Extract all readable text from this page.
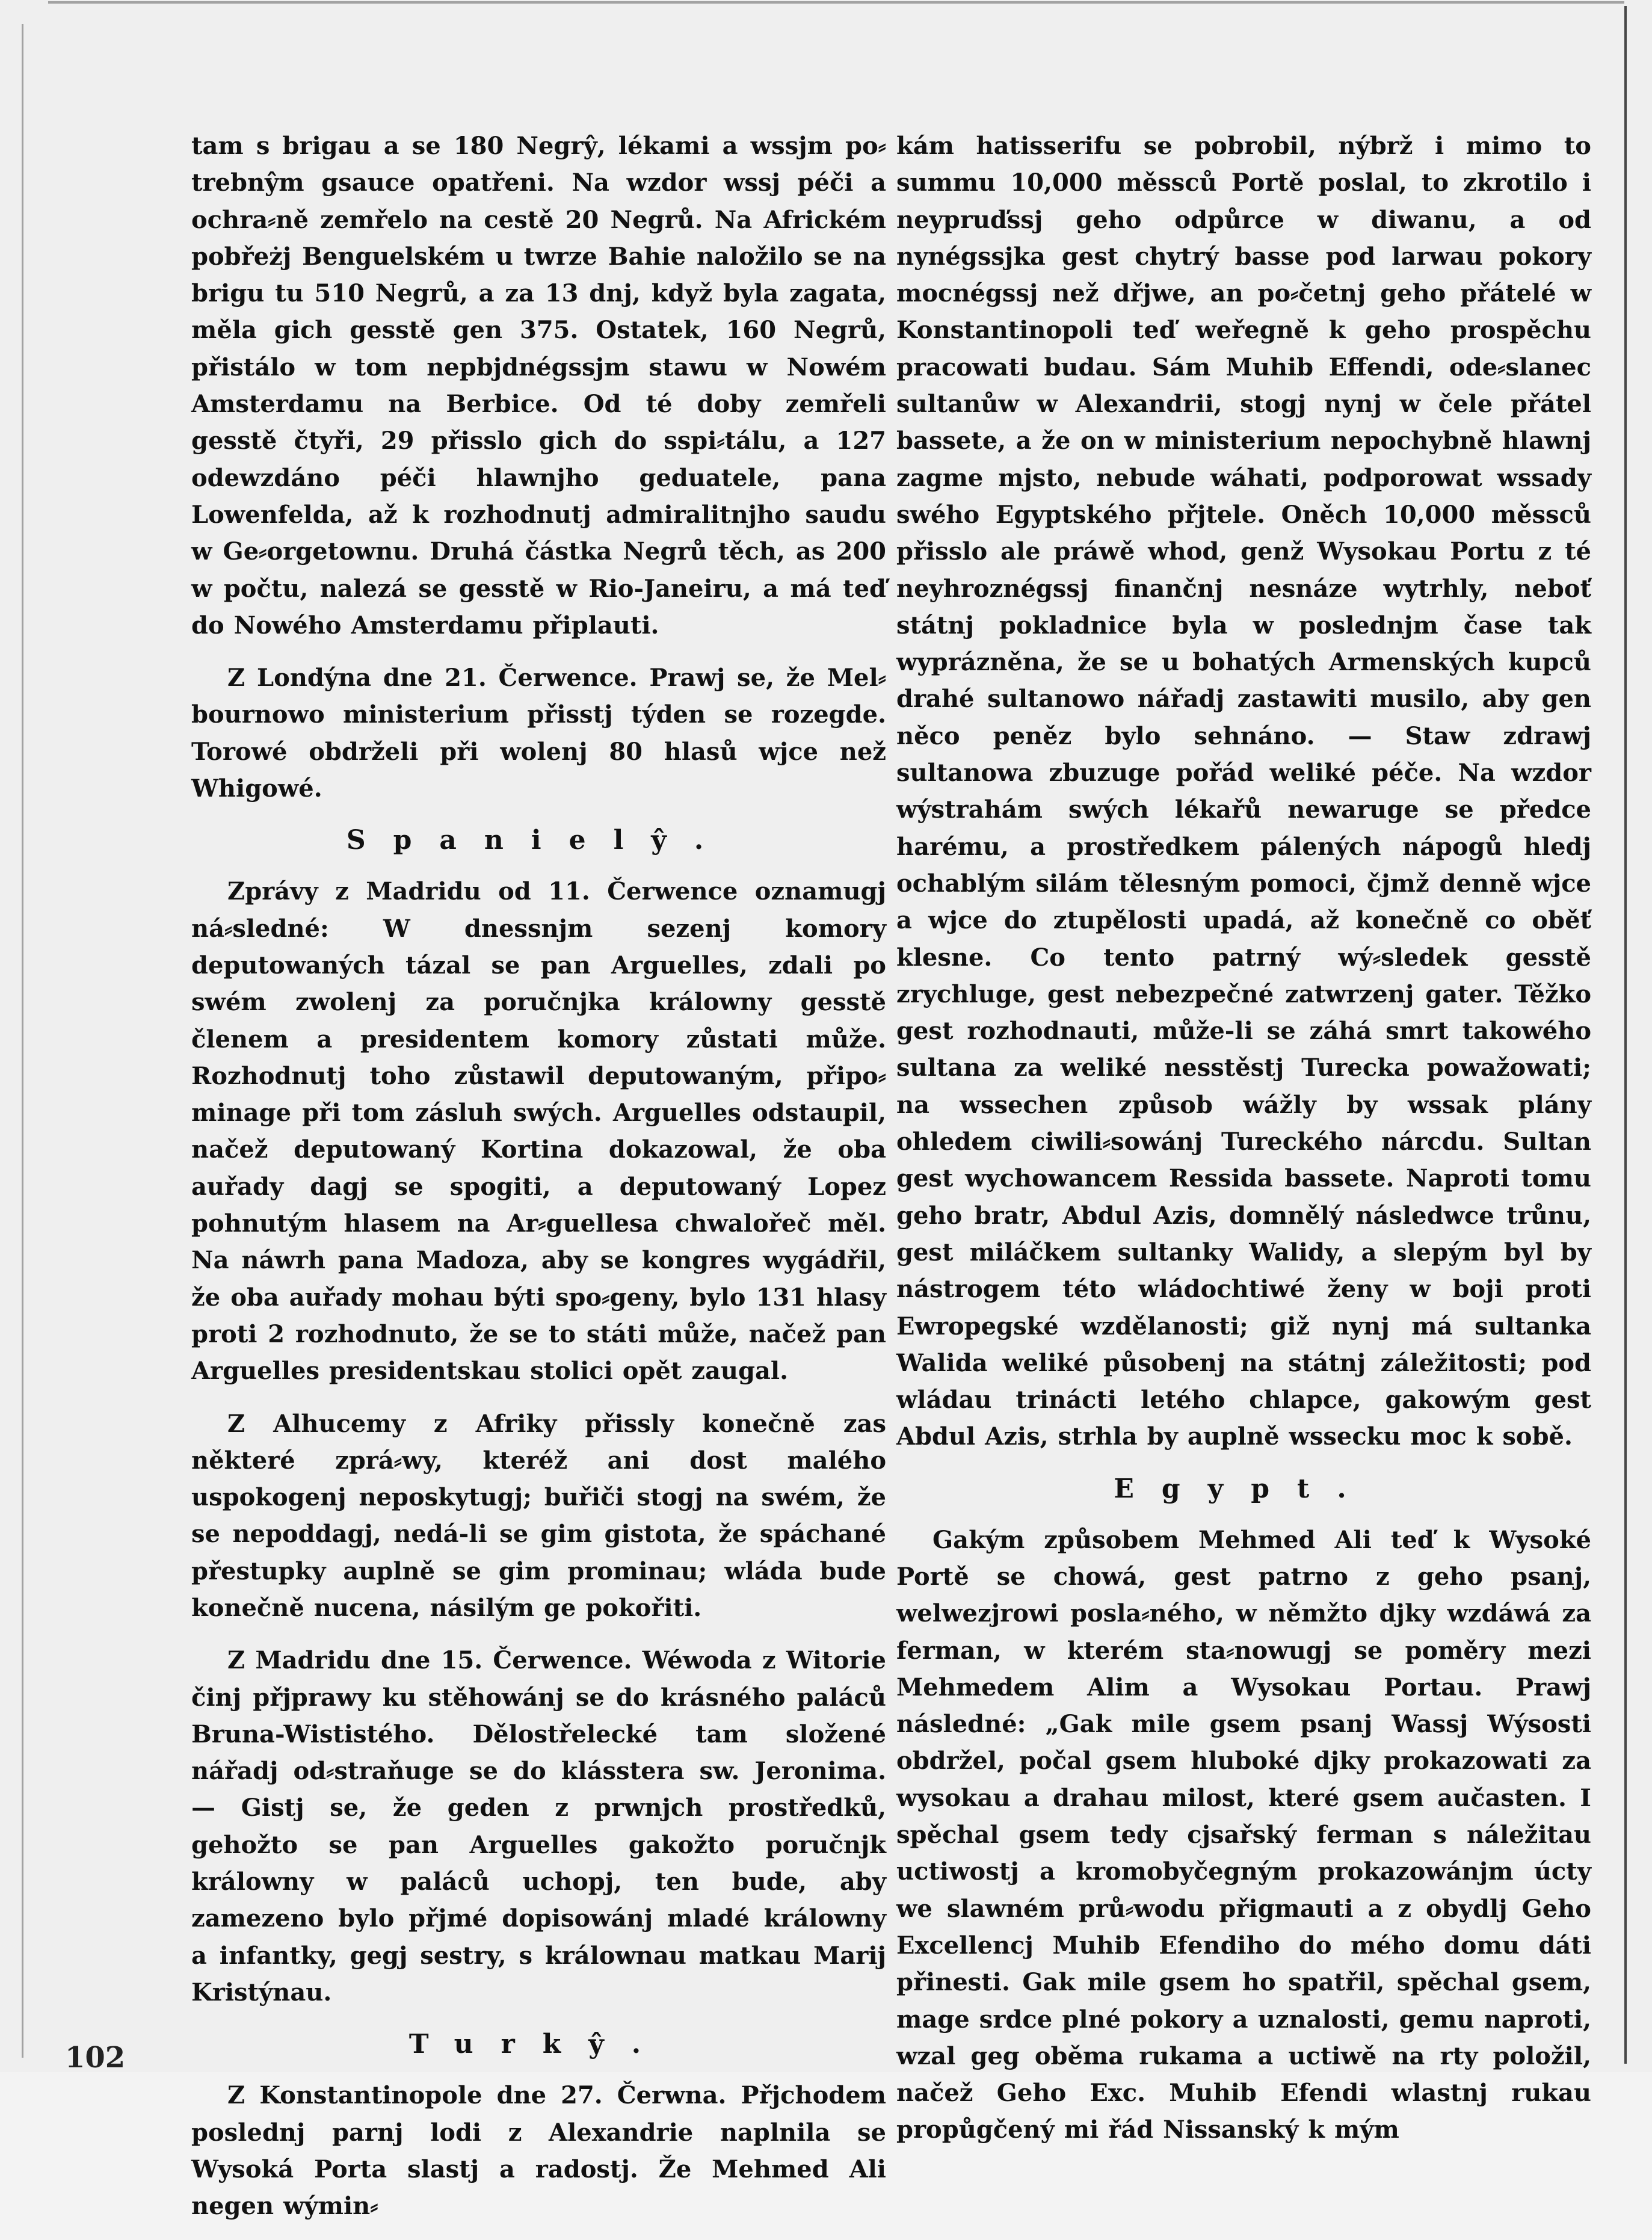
tam s brigau a se 180 Negrŷ, lékami a wssjm po⸗trebnŷm gsauce opatřeni. Na wzdor wssj péči a ochra⸗ně zemřelo na cestě 20 Negrů. Na Africkém pobřeżj Benguelském u twrze Bahie naložilo se na brigu tu 510 Negrů, a za 13 dnj, když byla zagata, měla gich gesstě gen 375. Ostatek, 160 Negrů, přistálo w tom nepbjdnégssjm stawu w Nowém Amsterdamu na Berbice. Od té doby zemřeli gesstě čtyři, 29 přisslo gich do sspi⸗tálu, a 127 odewzdáno péči hlawnjho geduatele, pana Lowenfelda, až k rozhodnutj admiralitnjho saudu w Ge⸗orgetownu. Druhá částka Negrů těch, as 200 w počtu, nalezá se gesstě w Rio-Janeiru, a má teď do Nowého Amsterdamu připlauti.

Z Londýna dne 21. Čerwence. Prawj se, že Mel⸗bournowo ministerium přisstj týden se rozegde. Torowé obdrželi při wolenj 80 hlasů wjce než Whigowé.

Spanielŷ.

Zprávy z Madridu od 11. Čerwence oznamugj ná⸗sledné: W dnessnjm sezenj komory deputowaných tázal se pan Arguelles, zdali po swém zwolenj za poručnjka králowny gesstě členem a presidentem komory zůstati může. Rozhodnutj toho zůstawil deputowaným, připo⸗minage při tom zásluh swých. Arguelles odstaupil, načež deputowaný Kortina dokazowal, že oba auřady dagj se spogiti, a deputowaný Lopez pohnutým hlasem na Ar⸗guellesa chwalořeč měl. Na náwrh pana Madoza, aby se kongres wygádřil, že oba auřady mohau býti spo⸗geny, bylo 131 hlasy proti 2 rozhodnuto, že se to státi může, načež pan Arguelles presidentskau stolici opět zaugal.

Z Alhucemy z Afriky přissly konečně zas některé zprá⸗wy, kteréž ani dost malého uspokogenj neposkytugj; buřiči stogj na swém, že se nepoddagj, nedá-li se gim gistota, že spáchané přestupky auplně se gim prominau; wláda bude konečně nucena, násilým ge pokořiti.

Z Madridu dne 15. Čerwence. Wéwoda z Witorie činj přjprawy ku stěhowánj se do krásného paláců Bruna-Wististého. Dělostřelecké tam složené nářadj od⸗straňuge se do klásstera sw. Jeronima. — Gistj se, že geden z prwnjch prostředků, gehožto se pan Arguelles gakožto poručnjk králowny w paláců uchopj, ten bude, aby zamezeno bylo přjmé dopisowánj mladé králowny a infantky, gegj sestry, s králownau matkau Marij Kristýnau.

Turkŷ.

Z Konstantinopole dne 27. Čerwna. Přjchodem poslednj parnj lodi z Alexandrie naplnila se Wysoká Porta slastj a radostj. Že Mehmed Ali negen wýmin⸗

kám hatisserifu se pobrobil, nýbrž i mimo to summu 10,000 měssců Portě poslal, to zkrotilo i neypruďssj geho odpůrce w diwanu, a od nynégssjka gest chytrý basse pod larwau pokory mocnégssj než dřjwe, an po⸗četnj geho přátelé w Konstantinopoli teď weřegně k geho prospěchu pracowati budau. Sám Muhib Effendi, ode⸗slanec sultanůw w Alexandrii, stogj nynj w čele přátel bassete, a že on w ministerium nepochybně hlawnj zagme mjsto, nebude wáhati, podporowat wssady swého Egyptského přjtele. Oněch 10,000 měssců přisslo ale práwě whod, genž Wysokau Portu z té neyhroznégssj finančnj nesnáze wytrhly, neboť státnj pokladnice byla w poslednjm čase tak wyprázněna, že se u bohatých Armenských kupců drahé sultanowo nářadj zastawiti musilo, aby gen něco peněz bylo sehnáno. — Staw zdrawj sultanowa zbuzuge pořád weliké péče. Na wzdor wýstrahám swých lékařů newaruge se předce harému, a prostředkem pálených nápogů hledj ochablým silám tělesným pomoci, čjmž denně wjce a wjce do ztupělosti upadá, až konečně co oběť klesne. Co tento patrný wý⸗sledek gesstě zrychluge, gest nebezpečné zatwrzenj gater. Těžko gest rozhodnauti, může-li se záhá smrt takowého sultana za weliké nesstěstj Turecka powažowati; na wssechen způsob wážly by wssak plány ohledem ciwili⸗sowánj Tureckého nárcdu. Sultan gest wychowancem Ressida bassete. Naproti tomu geho bratr, Abdul Azis, domnělý následwce trůnu, gest miláčkem sultanky Walidy, a slepým byl by nástrogem této wládochtiwé ženy w boji proti Ewropegské wzdělanosti; giž nynj má sultanka Walida weliké působenj na státnj záležitosti; pod wládau trinácti letého chlapce, gakowým gest Abdul Azis, strhla by auplně wssecku moc k sobě.

Egypt.

Gakým způsobem Mehmed Ali teď k Wysoké Portě se chowá, gest patrno z geho psanj, welwezjrowi posla⸗ného, w němžto djky wzdáwá za ferman, w kterém sta⸗nowugj se poměry mezi Mehmedem Alim a Wysokau Portau. Prawj následné: „Gak mile gsem psanj Wassj Wýsosti obdržel, počal gsem hluboké djky prokazowati za wysokau a drahau milost, které gsem aučasten. I spěchal gsem tedy cjsařský ferman s náležitau uctiwostj a kromobyčegným prokazowánjm úcty we slawném prů⸗wodu přigmauti a z obydlj Geho Excellencj Muhib Efendiho do mého domu dáti přinesti. Gak mile gsem ho spatřil, spěchal gsem, mage srdce plné pokory a uznalosti, gemu naproti, wzal geg oběma rukama a uctiwě na rty položil, načež Geho Exc. Muhib Efendi wlastnj rukau propůgčený mi řád Nissanský k mým

102
